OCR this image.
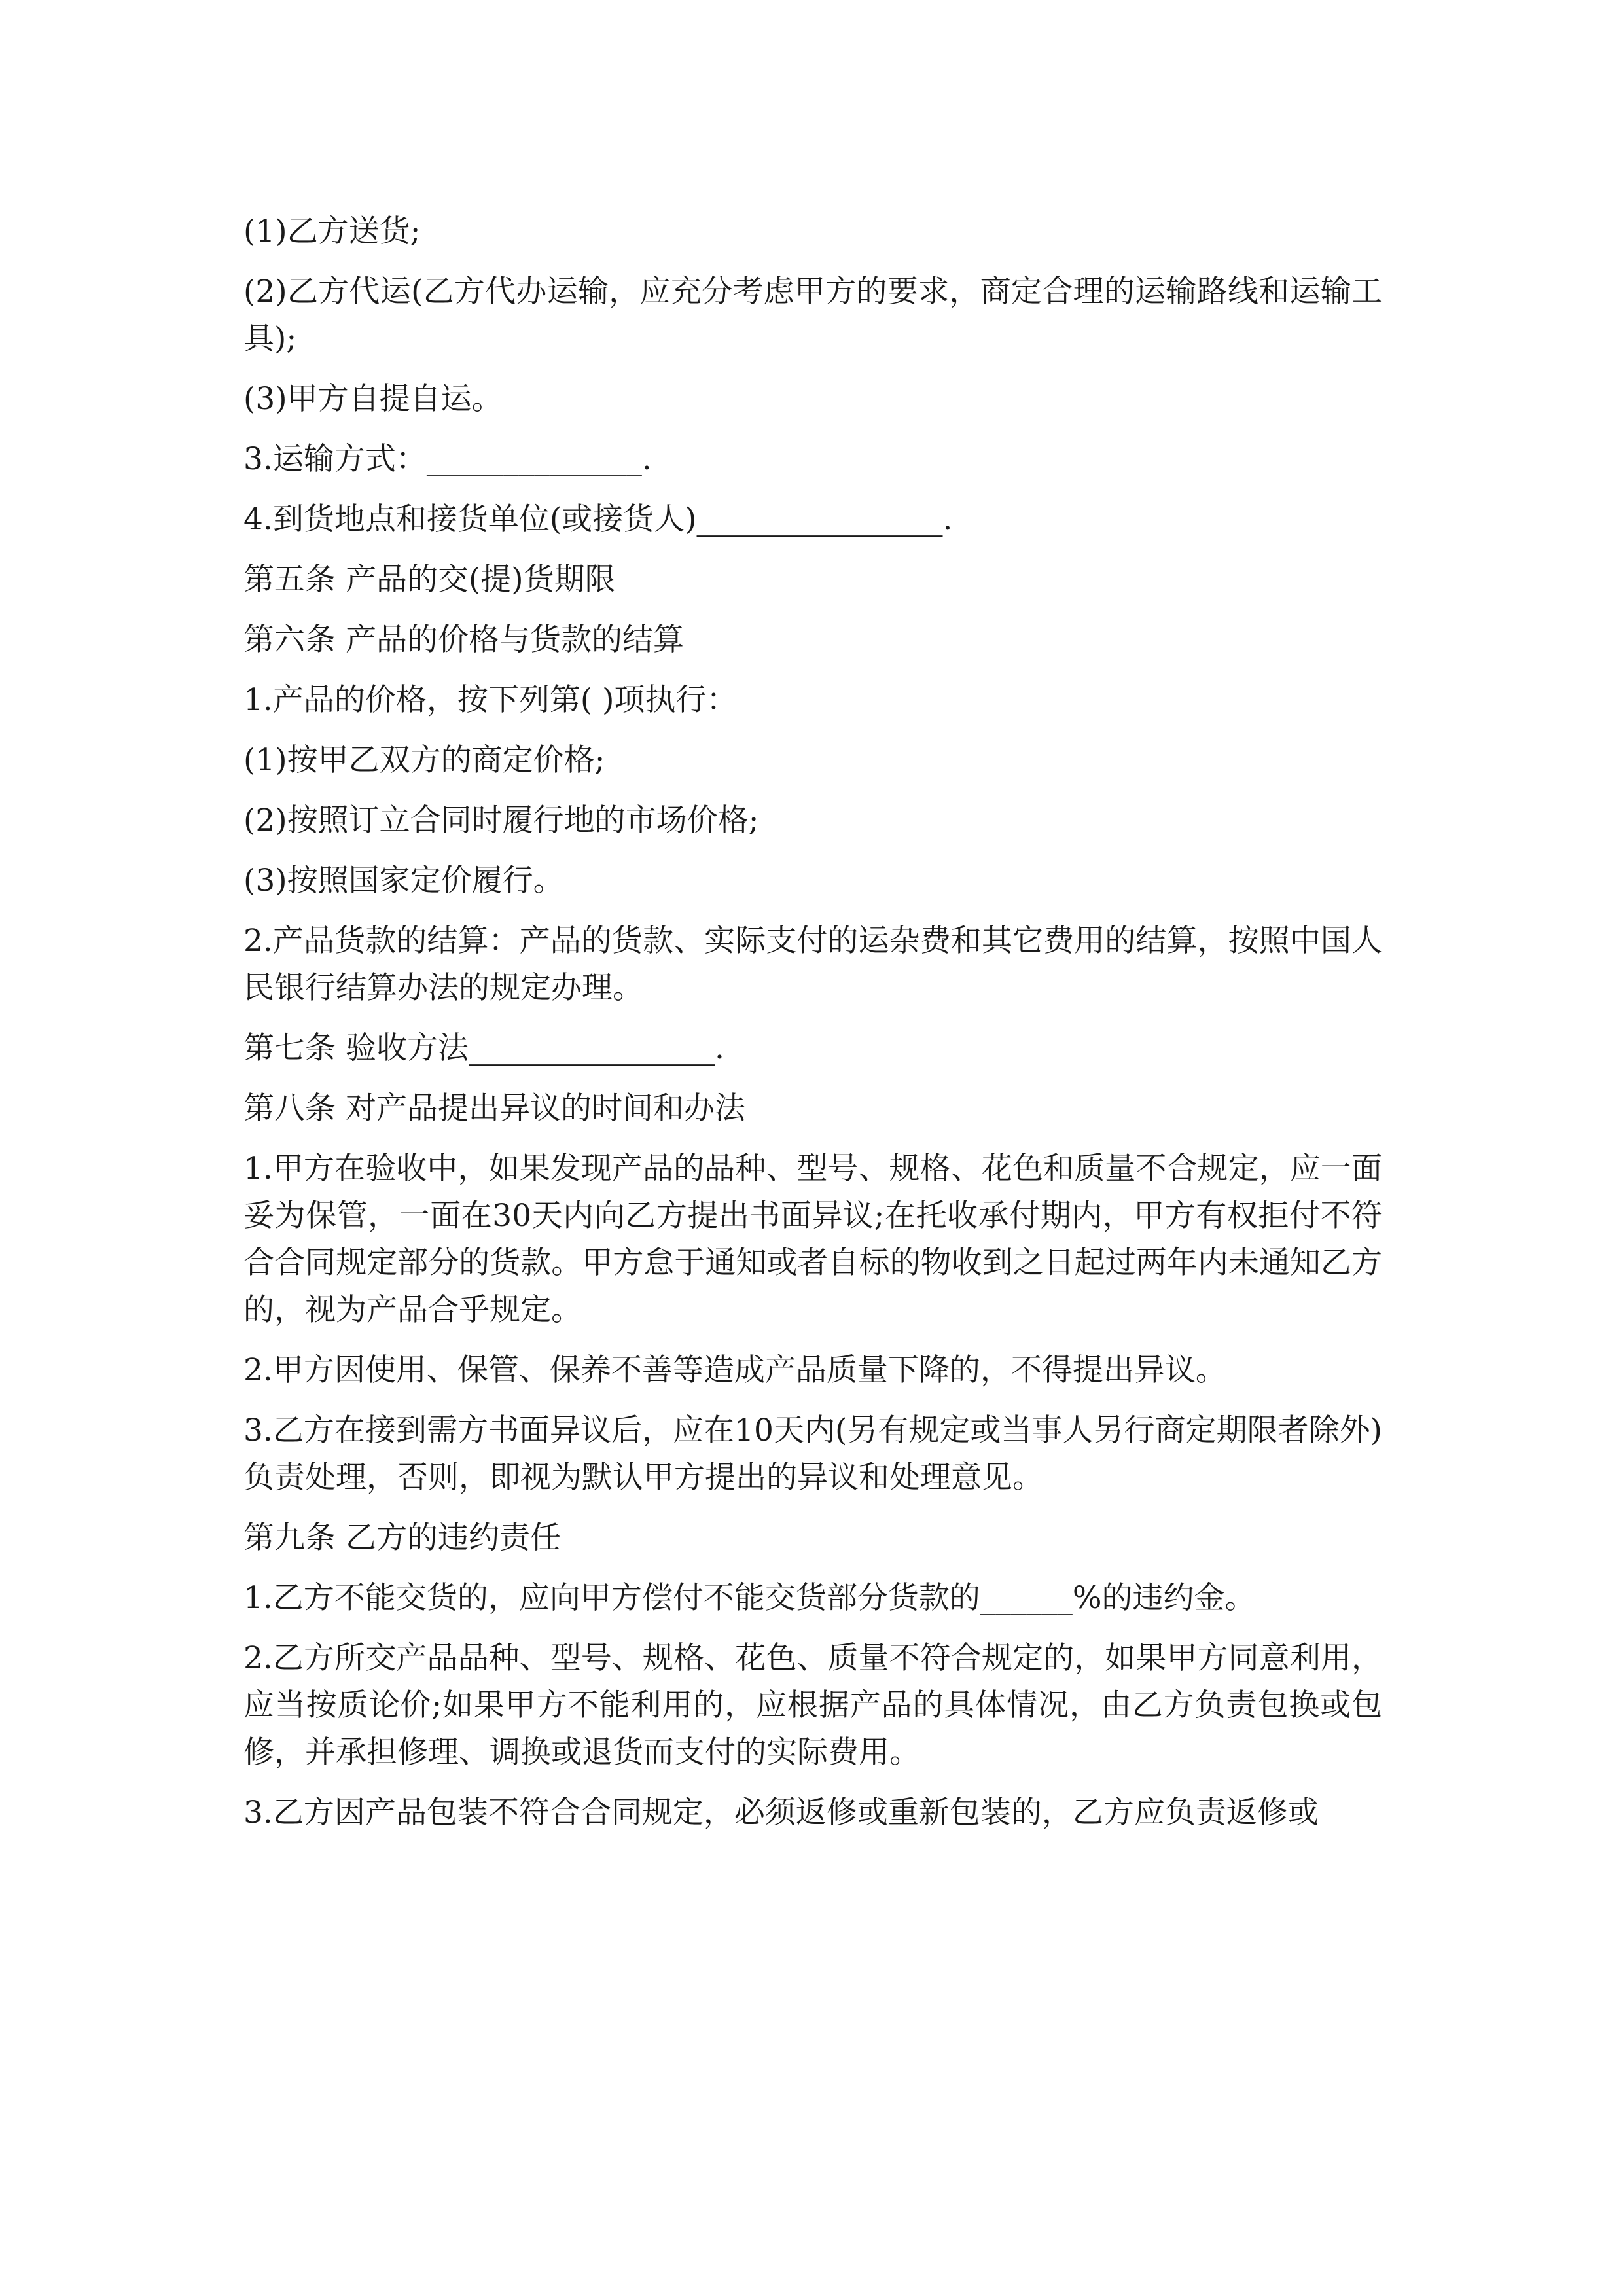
(1)乙方送货;

(2)乙方代运(乙方代办运输，应充分考虑甲方的要求，商定合理的运输路线和运输工具);

(3)甲方自提自运。

3.运输方式：______________.

4.到货地点和接货单位(或接货人)________________.

第五条 产品的交(提)货期限

第六条 产品的价格与货款的结算

1.产品的价格，按下列第( )项执行：

(1)按甲乙双方的商定价格;

(2)按照订立合同时履行地的市场价格;

(3)按照国家定价履行。

2.产品货款的结算：产品的货款、实际支付的运杂费和其它费用的结算，按照中国人民银行结算办法的规定办理。

第七条 验收方法________________.

第八条 对产品提出异议的时间和办法

1.甲方在验收中，如果发现产品的品种、型号、规格、花色和质量不合规定，应一面妥为保管，一面在30天内向乙方提出书面异议;在托收承付期内，甲方有权拒付不符合合同规定部分的货款。甲方怠于通知或者自标的物收到之日起过两年内未通知乙方的，视为产品合乎规定。

2.甲方因使用、保管、保养不善等造成产品质量下降的，不得提出异议。

3.乙方在接到需方书面异议后，应在10天内(另有规定或当事人另行商定期限者除外)负责处理，否则，即视为默认甲方提出的异议和处理意见。

第九条 乙方的违约责任

1.乙方不能交货的，应向甲方偿付不能交货部分货款的______%的违约金。

2.乙方所交产品品种、型号、规格、花色、质量不符合规定的，如果甲方同意利用，应当按质论价;如果甲方不能利用的，应根据产品的具体情况，由乙方负责包换或包修，并承担修理、调换或退货而支付的实际费用。

3.乙方因产品包装不符合合同规定，必须返修或重新包装的，乙方应负责返修或
